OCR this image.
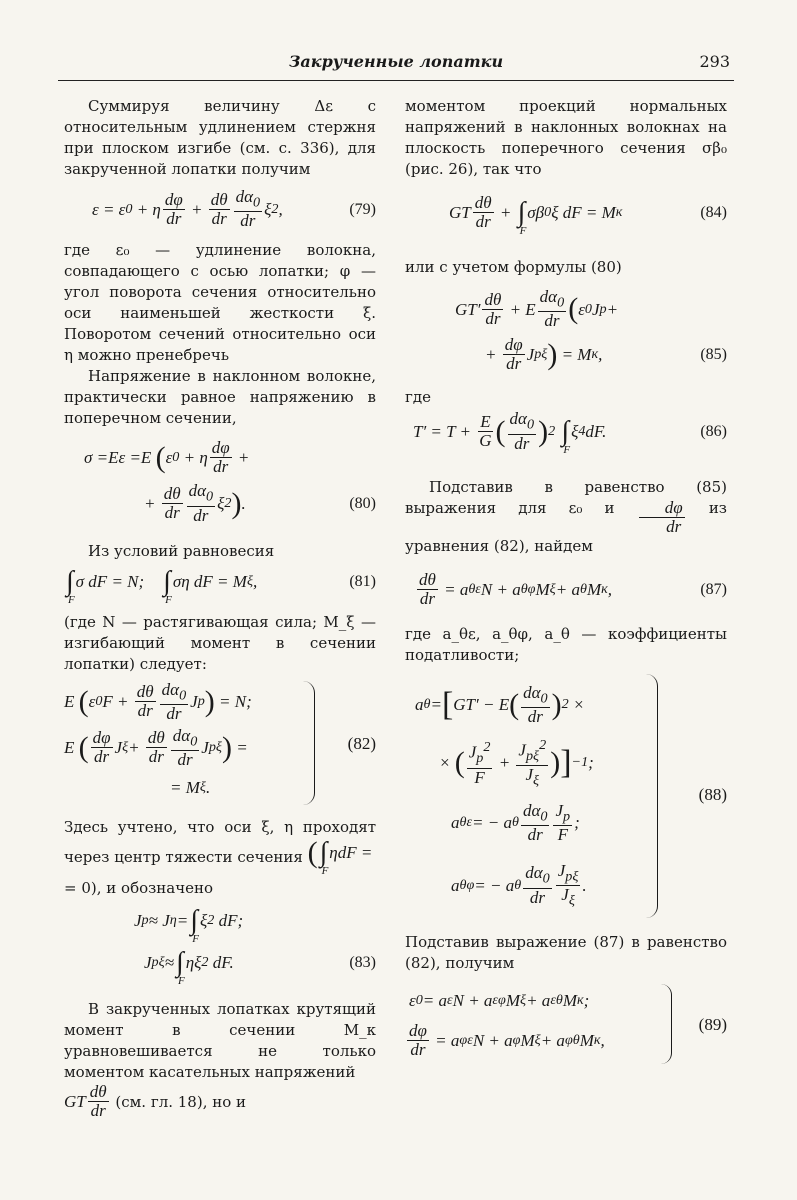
Закрученные лопатки	293

Суммируя величину Δε с относительным удлинением стержня при плоском изгибе (см. с. 336), для закрученной лопатки получим

ε = ε 0 + η $\frac{d\varphi}{dr} + \frac{d\theta}{dr} \frac{d\alpha_0}{dr}$ ξ 2 ,	(79)

где ε₀ — удлинение волокна, совпадающего с осью лопатки; φ — угол поворота сечения относительно оси наименьшей жесткости ξ. Поворотом сечений относительно оси η можно пренебречь

Напряжение в наклонном волокне, практически равное напряжению в поперечном сечении,

σ = E ε = E
( ε 0 + η $\frac{d\varphi}{dr}$ +
+ $\frac{d\theta}{dr} \frac{d\alpha_0}{dr}$ ξ 2 ) .	(80)

Из условий равновесия

∫
F
σ dF = N; ∫
F
ση dF = M ξ ,	(81)

(где N — растягивающая сила; M_ξ — изгибающий момент в сечении лопатки) следует:

E ( ε 0 $F + \frac{d\theta}{dr} \frac{d\alpha_0}{dr}$ J p ) = N;
E ( $\frac{d\varphi}{dr}$ J $\xi + \frac{d\theta}{dr} \frac{d\alpha_0}{dr}$ J pξ ) =
= M ξ .
(82)

Здесь учтено, что оси ξ, η проходят через центр тяжести сечения ( ∫
F
ηdF =

= 0), и обозначено

J p ≈ J η = ∫
F
ξ 2 dF;
J pξ ≈ ∫
F
ηξ 2 dF.	(83)

В закрученных лопатках крутящий момент в сечении M_к уравновешивается не только моментом касательных напряжений

GT $\frac{d\theta}{dr} (см$. гл. 18), но и

моментом проекций нормальных напряжений в наклонных волокнах на плоскость поперечного сечения σβ₀ (рис. 26), так что

GT $\frac{d\theta}{dr}$ + ∫
F
σβ 0 ξ dF = M к	(84)

или с учетом формулы (80)

$GT' \frac{d\theta}{dr} + E \frac{d\alpha_0}{dr}$ ( ε 0 J p +
+ $\frac{d\varphi}{dr}$ J pξ ) = M к ,	(85)

где

$T' = T + \frac{E}{G}$ ( $\frac{d\alpha_0}{dr}$ ) 2
∫
F
ξ 4 dF.	(86)

Подставив в равенство (85) выражения для ε₀ и $\frac{d\varphi}{dr}$ из уравнения (82), найдем

$\frac{d\theta}{dr} = a$ θε N + a θφ M ξ + a θ M к ,	(87)

где a_θε, a_θφ, a_θ — коэффициенты податливости;

a θ = [ GT′ − E ( $\frac{d\alpha_0}{dr}$ ) 2 ×
× ( $\frac{J_p^2}{F} + \frac{J_{p\xi}^2}{J_\xi}$ ) ] −1 ;
a θε = − a θ $\frac{d\alpha_0}{dr} \frac{J_p}{F}$ ;
a θφ = − a θ $\frac{d\alpha_0}{dr} \frac{J_{p\xi}}{J_\xi}$ .
(88)

Подставив выражение (87) в равенство (82), получим

ε 0 = a ε N + a εφ M ξ + a εθ M к ;
$\frac{d\varphi}{dr} = a$ φε N + a φ M ξ + a φθ M к ,
(89)
